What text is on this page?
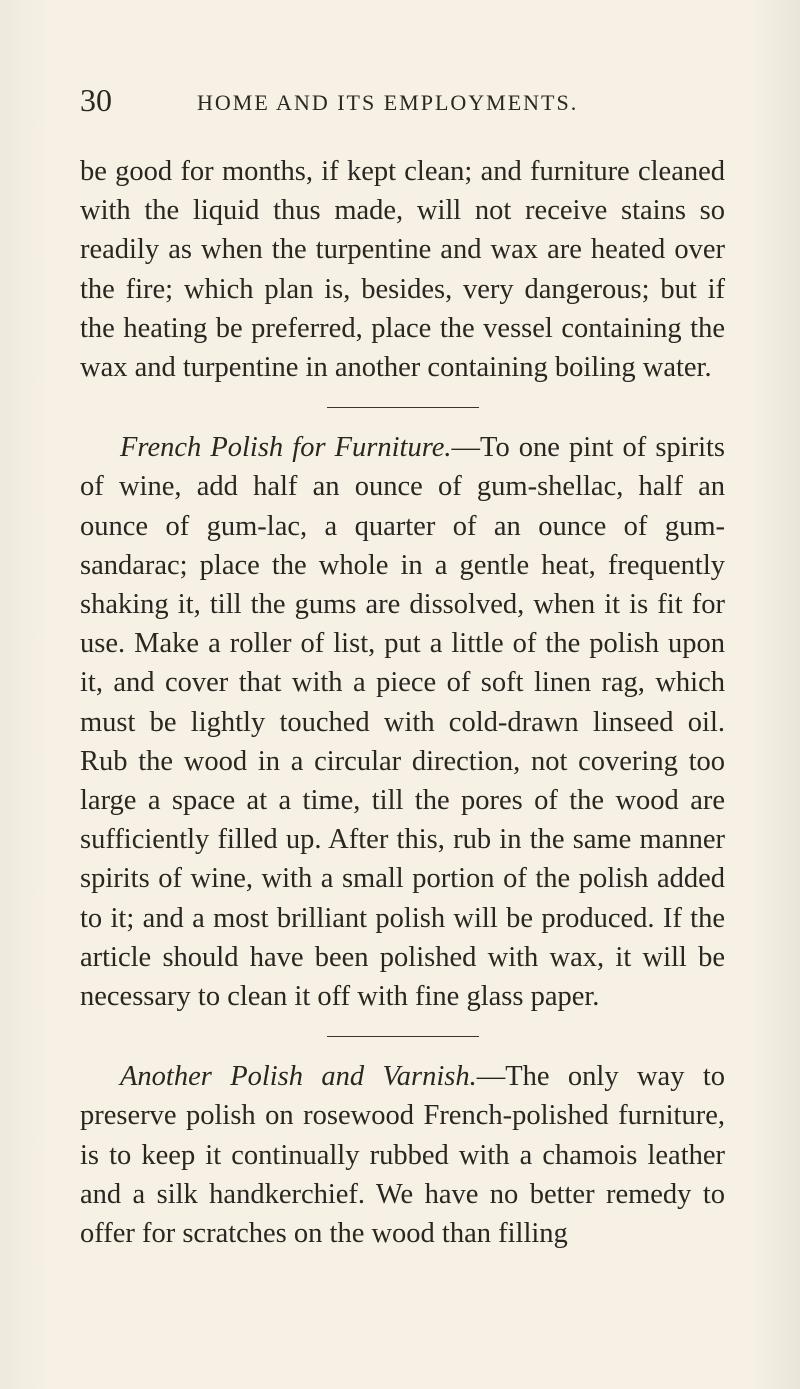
30	HOME AND ITS EMPLOYMENTS.

be good for months, if kept clean; and furniture cleaned with the liquid thus made, will not receive stains so readily as when the turpentine and wax are heated over the fire; which plan is, besides, very dangerous; but if the heating be preferred, place the vessel containing the wax and turpentine in another containing boiling water.

French Polish for Furniture.—To one pint of spirits of wine, add half an ounce of gum-shellac, half an ounce of gum-lac, a quarter of an ounce of gum-sandarac; place the whole in a gentle heat, frequently shaking it, till the gums are dissolved, when it is fit for use. Make a roller of list, put a little of the polish upon it, and cover that with a piece of soft linen rag, which must be lightly touched with cold-drawn linseed oil. Rub the wood in a circular direction, not covering too large a space at a time, till the pores of the wood are sufficiently filled up. After this, rub in the same manner spirits of wine, with a small portion of the polish added to it; and a most brilliant polish will be produced. If the article should have been polished with wax, it will be necessary to clean it off with fine glass paper.

Another Polish and Varnish.—The only way to preserve polish on rosewood French-polished furniture, is to keep it continually rubbed with a chamois leather and a silk handkerchief. We have no better remedy to offer for scratches on the wood than filling
